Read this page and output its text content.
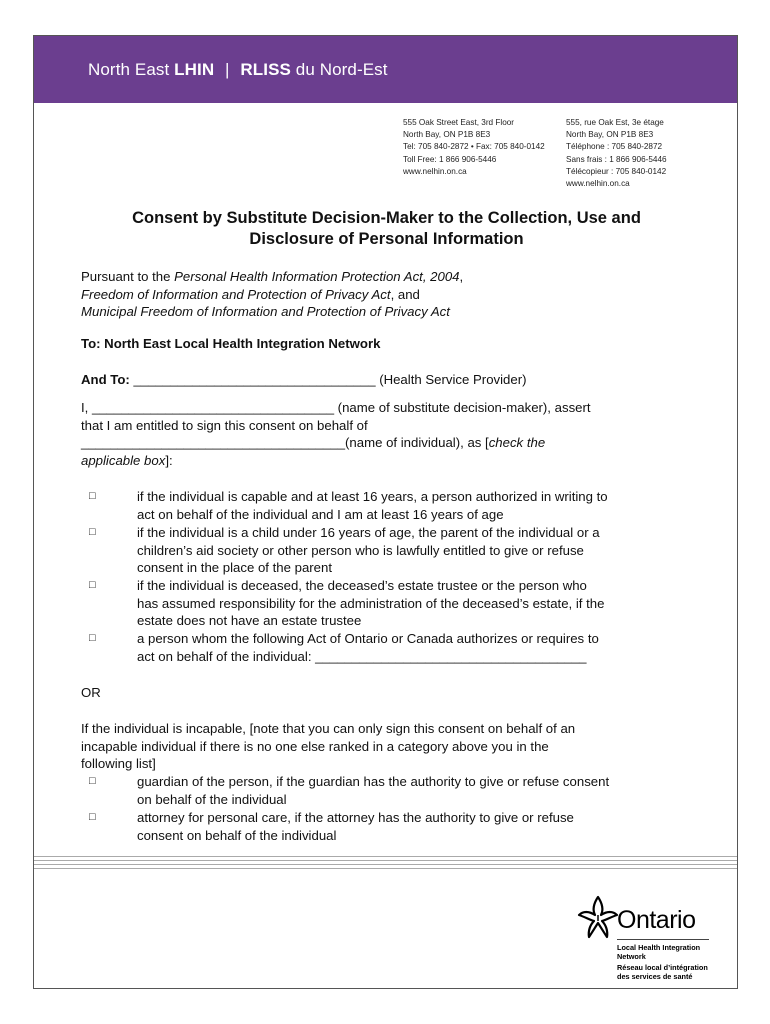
North East LHIN | RLISS du Nord-Est
555 Oak Street East, 3rd Floor
North Bay, ON P1B 8E3
Tel: 705 840-2872 • Fax: 705 840-0142
Toll Free: 1 866 906-5446
www.nelhin.on.ca
555, rue Oak Est, 3e étage
North Bay, ON P1B 8E3
Téléphone : 705 840-2872
Sans frais : 1 866 906-5446
Télécopieur : 705 840-0142
www.nelhin.on.ca
Consent by Substitute Decision-Maker to the Collection, Use and
Disclosure of Personal Information
Pursuant to the Personal Health Information Protection Act, 2004,
Freedom of Information and Protection of Privacy Act, and
Municipal Freedom of Information and Protection of Privacy Act
To: North East Local Health Integration Network
And To: _________________________________ (Health Service Provider)
I, _________________________________ (name of substitute decision-maker), assert
that I am entitled to sign this consent on behalf of
____________________________________(name of individual), as [check the
applicable box]:
□	if the individual is capable and at least 16 years, a person authorized in writing to
act on behalf of the individual and I am at least 16 years of age
□	if the individual is a child under 16 years of age, the parent of the individual or a
children’s aid society or other person who is lawfully entitled to give or refuse
consent in the place of the parent
□	if the individual is deceased, the deceased’s estate trustee or the person who
has assumed responsibility for the administration of the deceased’s estate, if the
estate does not have an estate trustee
□	a person whom the following Act of Ontario or Canada authorizes or requires to
act on behalf of the individual: _____________________________________
OR
If the individual is incapable, [note that you can only sign this consent on behalf of an
incapable individual if there is no one else ranked in a category above you in the
following list]
□	guardian of the person, if the guardian has the authority to give or refuse consent
on behalf of the individual
□	attorney for personal care, if the attorney has the authority to give or refuse
consent on behalf of the individual
Ontario
Local Health Integration
Network
Réseau local d’intégration
des services de santé
